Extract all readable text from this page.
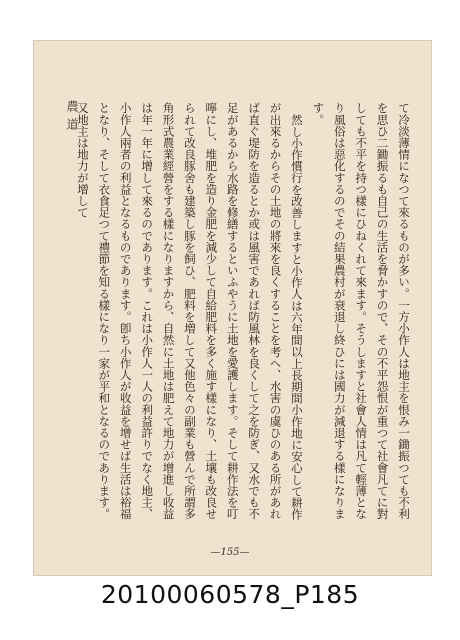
農道	て冷淡薄情になつて來るものが多い。一方小作人は地主を恨み一鋤振つても不利を思ひ二鋤振るも自己の生活を脅かすので、その不平怨恨が重つて社會凡てに對しても不平を持つ樣にひねくれて來ます。そうしますと社會人情は凡て輕薄となり風俗は惡化するのでその結果農村が衰退し終ひには國力が減退する樣になります。

然し小作慣行を改善しますと小作人は六年間以上長期間小作地に安心して耕作が出來るからその土地の將來を良くすることを考へ、水害の虞ひのある所があれば直ぐ堤防を造るとか或は風害であれば防風林を良くして之を防ぎ、又水でも不足があるから水路を修繕するといふやうに土地を愛護します。そして耕作法を叮嚀にし、堆肥を造り金肥を減少して自給肥料を多く施す樣になり、土壤も改良せられて改良豚舍も建築し豚を飼ひ、肥料を増して又他色々の副業も營んで所謂多角形式農業經營をする樣になりますから、自然に土地は肥えて地力が增進し收益は年一年に增して來るのであります。これは小作人一人の利益許りでなく地主、小作人兩者の利益となるものであります。卽ち小作人が收益を增せば生活は裕福となり、そして衣食足つて禮節を知る樣になり一家が平和となるのであります。又地主は地力が增して

—155—
20100060578_P185
